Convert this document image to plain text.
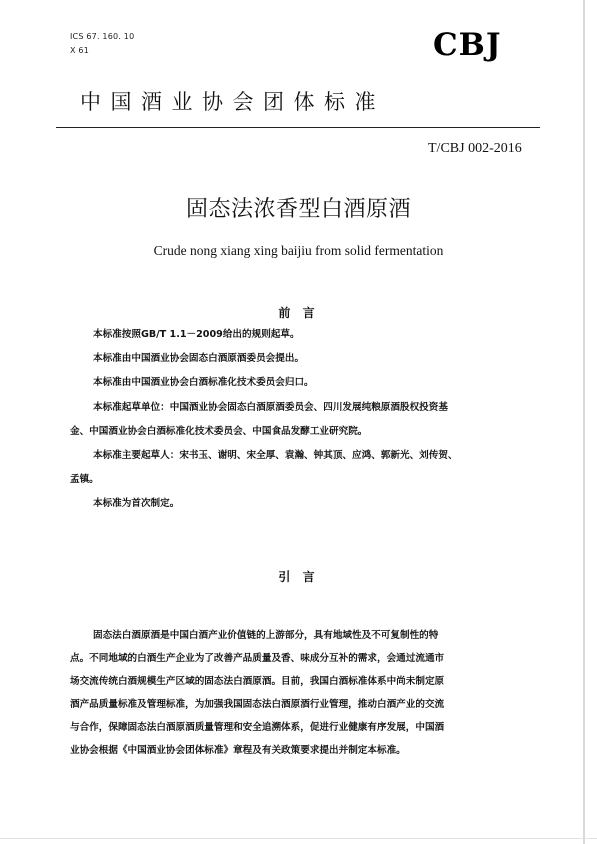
ICS 67. 160. 10
X 61	CBJ
中国酒业协会团体标准
T/CBJ 002-2016
固态法浓香型白酒原酒
Crude nong xiang xing baijiu from solid fermentation
前 言
本标准按照GB/T 1.1－2009给出的规则起草。
本标准由中国酒业协会固态白酒原酒委员会提出。
本标准由中国酒业协会白酒标准化技术委员会归口。
本标准起草单位：中国酒业协会固态白酒原酒委员会、四川发展纯粮原酒股权投资基
金、中国酒业协会白酒标准化技术委员会、中国食品发酵工业研究院。
本标准主要起草人：宋书玉、谢明、宋全厚、袁瀚、钟其顶、应鸿、郭新光、刘传贺、
孟镇。
本标准为首次制定。
引 言
固态法白酒原酒是中国白酒产业价值链的上游部分，具有地域性及不可复制性的特
点。不同地域的白酒生产企业为了改善产品质量及香、味成分互补的需求，会通过流通市
场交流传统白酒规模生产区域的固态法白酒原酒。目前，我国白酒标准体系中尚未制定原
酒产品质量标准及管理标准，为加强我国固态法白酒原酒行业管理，推动白酒产业的交流
与合作，保障固态法白酒原酒质量管理和安全追溯体系，促进行业健康有序发展，中国酒
业协会根据《中国酒业协会团体标准》章程及有关政策要求提出并制定本标准。
